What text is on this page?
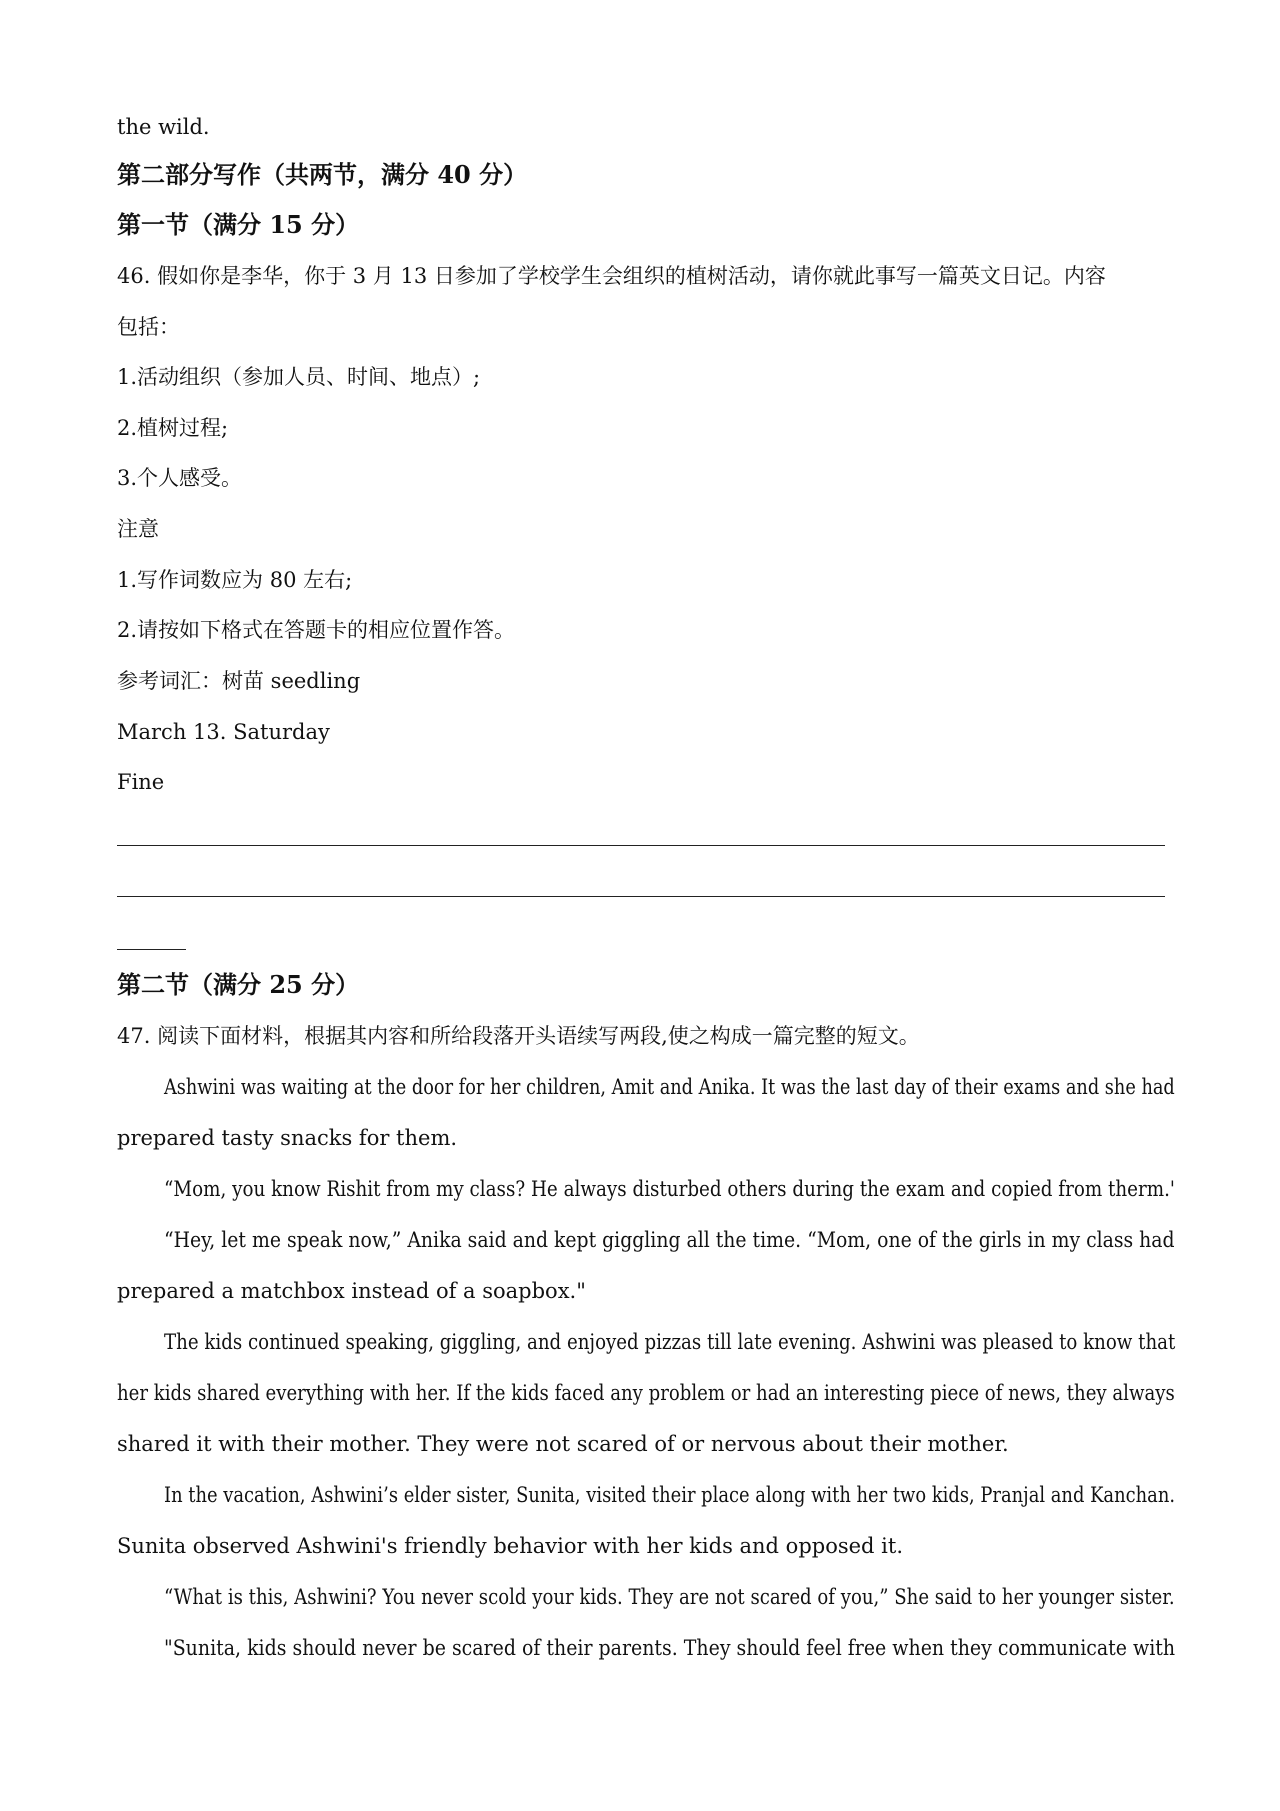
the wild.
第二部分写作（共两节，满分 40 分）
第一节（满分 15 分）
46. 假如你是李华，你于 3 月 13 日参加了学校学生会组织的植树活动，请你就此事写一篇英文日记。内容
包括：
1.活动组织（参加人员、时间、地点）;
2.植树过程;
3.个人感受。
注意
1.写作词数应为 80 左右;
2.请按如下格式在答题卡的相应位置作答。
参考词汇：树苗 seedling
March 13. Saturday
Fine
第二节（满分 25 分）
47. 阅读下面材料，根据其内容和所给段落开头语续写两段,使之构成一篇完整的短文。
Ashwini was waiting at the door for her children, Amit and Anika. It was the last day of their exams and she had
prepared tasty snacks for them.
“Mom, you know Rishit from my class? He always disturbed others during the exam and copied from therm.'
“Hey, let me speak now,” Anika said and kept giggling all the time. “Mom, one of the girls in my class had
prepared a matchbox instead of a soapbox."
The kids continued speaking, giggling, and enjoyed pizzas till late evening. Ashwini was pleased to know that
her kids shared everything with her. If the kids faced any problem or had an interesting piece of news, they always
shared it with their mother. They were not scared of or nervous about their mother.
In the vacation, Ashwini’s elder sister, Sunita, visited their place along with her two kids, Pranjal and Kanchan.
Sunita observed Ashwini's friendly behavior with her kids and opposed it.
“What is this, Ashwini? You never scold your kids. They are not scared of you,” She said to her younger sister.
"Sunita, kids should never be scared of their parents. They should feel free when they communicate with
